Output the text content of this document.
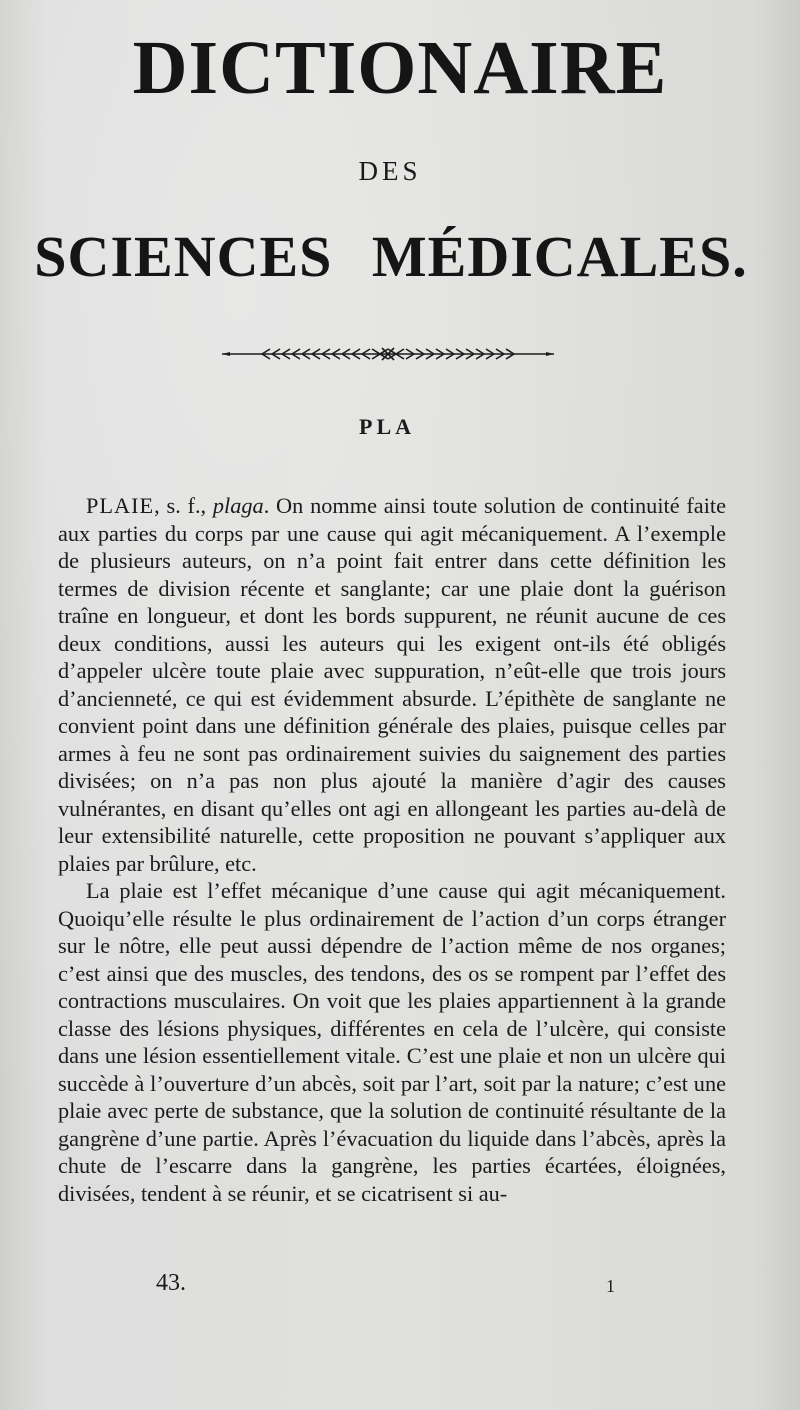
DICTIONAIRE
DES
SCIENCES MÉDICALES.
PLA

PLAIE, s. f., plaga. On nomme ainsi toute solution de continuité faite aux parties du corps par une cause qui agit mécaniquement. A l’exemple de plusieurs auteurs, on n’a point fait entrer dans cette définition les termes de division récente et sanglante; car une plaie dont la guérison traîne en longueur, et dont les bords suppurent, ne réunit aucune de ces deux conditions, aussi les auteurs qui les exigent ont-ils été obligés d’appeler ulcère toute plaie avec suppuration, n’eût-elle que trois jours d’ancienneté, ce qui est évidemment absurde. L’épithète de sanglante ne convient point dans une définition générale des plaies, puisque celles par armes à feu ne sont pas ordinairement suivies du saignement des parties divisées; on n’a pas non plus ajouté la manière d’agir des causes vulnérantes, en disant qu’elles ont agi en allongeant les parties au-delà de leur extensibilité naturelle, cette proposition ne pouvant s’appliquer aux plaies par brûlure, etc.

La plaie est l’effet mécanique d’une cause qui agit mécaniquement. Quoiqu’elle résulte le plus ordinairement de l’action d’un corps étranger sur le nôtre, elle peut aussi dépendre de l’action même de nos organes; c’est ainsi que des muscles, des tendons, des os se rompent par l’effet des contractions musculaires. On voit que les plaies appartiennent à la grande classe des lésions physiques, différentes en cela de l’ulcère, qui consiste dans une lésion essentiellement vitale. C’est une plaie et non un ulcère qui succède à l’ouverture d’un abcès, soit par l’art, soit par la nature; c’est une plaie avec perte de substance, que la solution de continuité résultante de la gangrène d’une partie. Après l’évacuation du liquide dans l’abcès, après la chute de l’escarre dans la gangrène, les parties écartées, éloignées, divisées, tendent à se réunir, et se cicatrisent si au-

43.	1
